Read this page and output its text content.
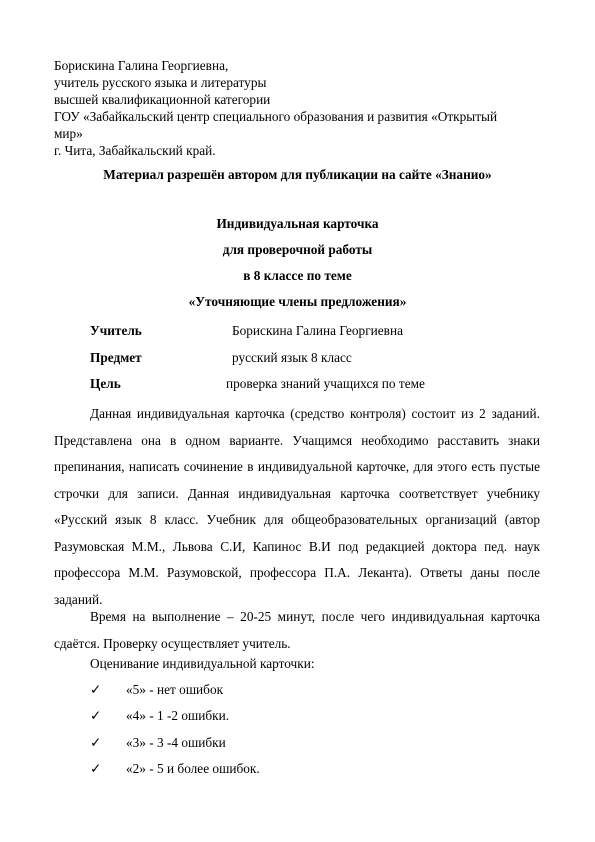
Борискина Галина Георгиевна,
учитель русского языка и литературы
высшей квалификационной категории
ГОУ «Забайкальский центр специального образования и развития «Открытый
мир»
г. Чита, Забайкальский край.
Материал разрешён автором для публикации на сайте «Знанио»
Индивидуальная карточка
для проверочной работы
в 8 классе по теме
«Уточняющие члены предложения»
Учитель	Борискина Галина Георгиевна
Предмет	русский язык 8 класс
Цель	проверка знаний учащихся по теме
Данная индивидуальная карточка (средство контроля) состоит из 2 заданий. Представлена она в одном варианте. Учащимся необходимо расставить знаки препинания, написать сочинение в индивидуальной карточке, для этого есть пустые строчки для записи. Данная индивидуальная карточка соответствует учебнику «Русский язык 8 класс. Учебник для общеобразовательных организаций (автор Разумовская М.М., Львова С.И, Капинос В.И под редакцией доктора пед. наук профессора М.М. Разумовской, профессора П.А. Леканта). Ответы даны после заданий.
Время на выполнение – 20-25 минут, после чего индивидуальная карточка сдаётся. Проверку осуществляет учитель.
Оценивание индивидуальной карточки:
✓ «5» - нет ошибок
✓ «4» - 1 -2 ошибки.
✓ «3» - 3 -4 ошибки
✓ «2» - 5 и более ошибок.
